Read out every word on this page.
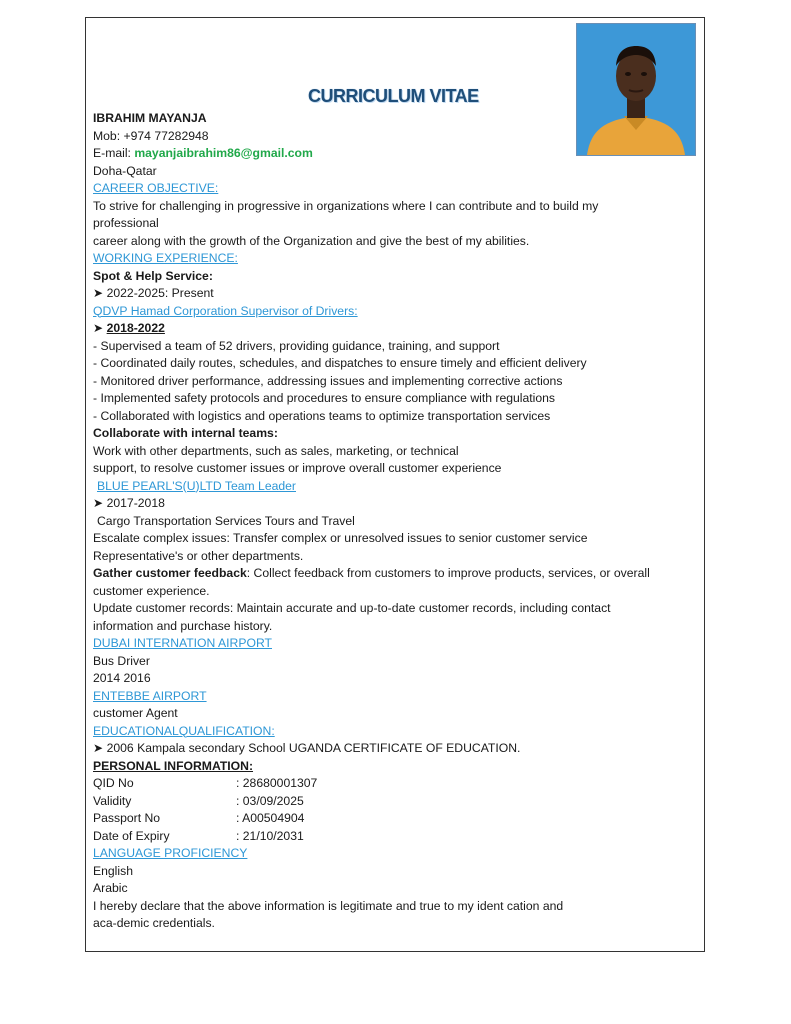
CURRICULUM VITAE

IBRAHIM MAYANJA

Mob: +974 77282948

E-mail: mayanjaibrahim86@gmail.com

Doha-Qatar

CAREER OBJECTIVE:

To strive for challenging in progressive in organizations where I can contribute and to build my

professional

career along with the growth of the Organization and give the best of my abilities.

WORKING EXPERIENCE:

Spot & Help Service:

➤ 2022-2025: Present

QDVP Hamad Corporation Supervisor of Drivers:

➤ 2018-2022

- Supervised a team of 52 drivers, providing guidance, training, and support

- Coordinated daily routes, schedules, and dispatches to ensure timely and efficient delivery

- Monitored driver performance, addressing issues and implementing corrective actions

- Implemented safety protocols and procedures to ensure compliance with regulations

- Collaborated with logistics and operations teams to optimize transportation services

Collaborate with internal teams:

Work with other departments, such as sales, marketing, or technical

support, to resolve customer issues or improve overall customer experience

BLUE PEARL'S(U)LTD Team Leader

➤ 2017-2018

Cargo Transportation Services Tours and Travel

Escalate complex issues: Transfer complex or unresolved issues to senior customer service

Representative's or other departments.

Gather customer feedback: Collect feedback from customers to improve products, services, or overall

customer experience.

Update customer records: Maintain accurate and up-to-date customer records, including contact

information and purchase history.

DUBAI INTERNATION AIRPORT

Bus Driver

2014 2016

ENTEBBE AIRPORT

customer Agent

EDUCATIONALQUALIFICATION:

➤ 2006 Kampala secondary School UGANDA CERTIFICATE OF EDUCATION.

PERSONAL INFORMATION:

QID No	: 28680001307
Validity	: 03/09/2025
Passport No	: A00504904
Date of Expiry	: 21/10/2031

LANGUAGE PROFICIENCY

English

Arabic

I hereby declare that the above information is legitimate and true to my ident cation and

aca-demic credentials.
